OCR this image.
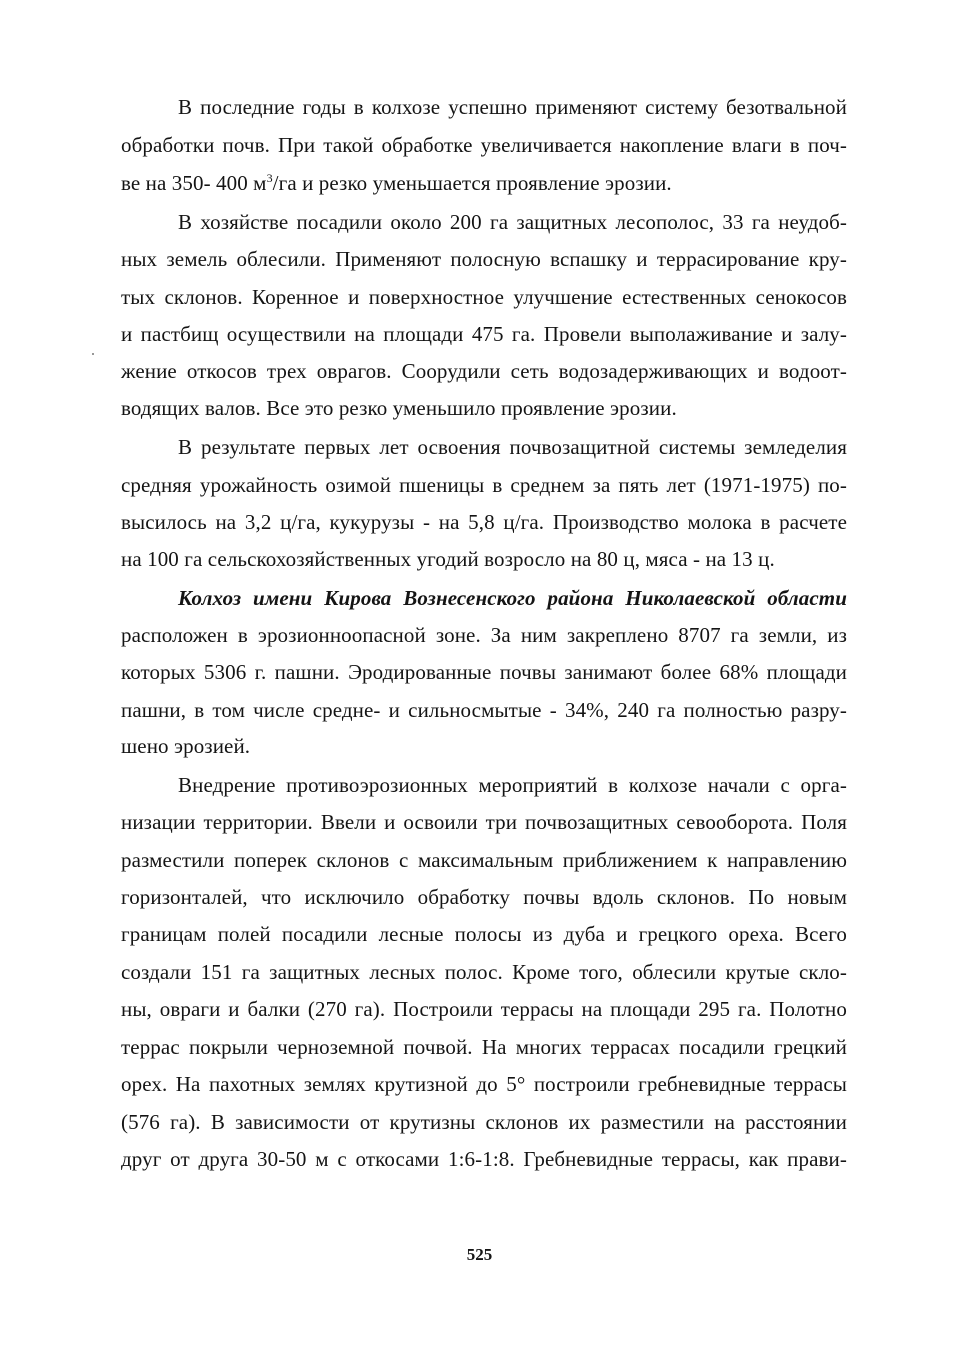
В последние годы в колхозе успешно применяют систему безотвальной
обработки почв. При такой обработке увеличивается накопление влаги в поч-
ве на 350- 400 $м^3/га$ и резко уменьшается проявление эрозии.
В хозяйстве посадили около 200 га защитных лесополос, 33 га неудоб-
ных земель облесили. Применяют полосную вспашку и террасирование кру-
тых склонов. Коренное и поверхностное улучшение естественных сенокосов
и пастбищ осуществили на площади 475 га. Провели выполаживание и залу-
жение откосов трех оврагов. Соорудили сеть водозадерживающих и водоот-
водящих валов. Все это резко уменьшило проявление эрозии.
В результате первых лет освоения почвозащитной системы земледелия
средняя урожайность озимой пшеницы в среднем за пять лет (1971-1975) по-
высилось на 3,2 ц/га, кукурузы - на 5,8 ц/га. Производство молока в расчете
на 100 га сельскохозяйственных угодий возросло на 80 ц, мяса - на 13 ц.
Колхоз имени Кирова Вознесенского района Николаевской области
расположен в эрозионноопасной зоне. За ним закреплено 8707 га земли, из
которых 5306 г. пашни. Эродированные почвы занимают более 68% площади
пашни, в том числе средне- и сильносмытые - 34%, 240 га полностью разру-
шено эрозией.
Внедрение противоэрозионных мероприятий в колхозе начали с орга-
низации территории. Ввели и освоили три почвозащитных севооборота. Поля
разместили поперек склонов с максимальным приближением к направлению
горизонталей, что исключило обработку почвы вдоль склонов. По новым
границам полей посадили лесные полосы из дуба и грецкого ореха. Всего
создали 151 га защитных лесных полос. Кроме того, облесили крутые скло-
ны, овраги и балки (270 га). Построили террасы на площади 295 га. Полотно
террас покрыли черноземной почвой. На многих террасах посадили грецкий
орех. На пахотных землях крутизной до 5° построили гребневидные террасы
(576 га). В зависимости от крутизны склонов их разместили на расстоянии
друг от друга 30-50 м с откосами 1:6-1:8. Гребневидные террасы, как прави-
525
